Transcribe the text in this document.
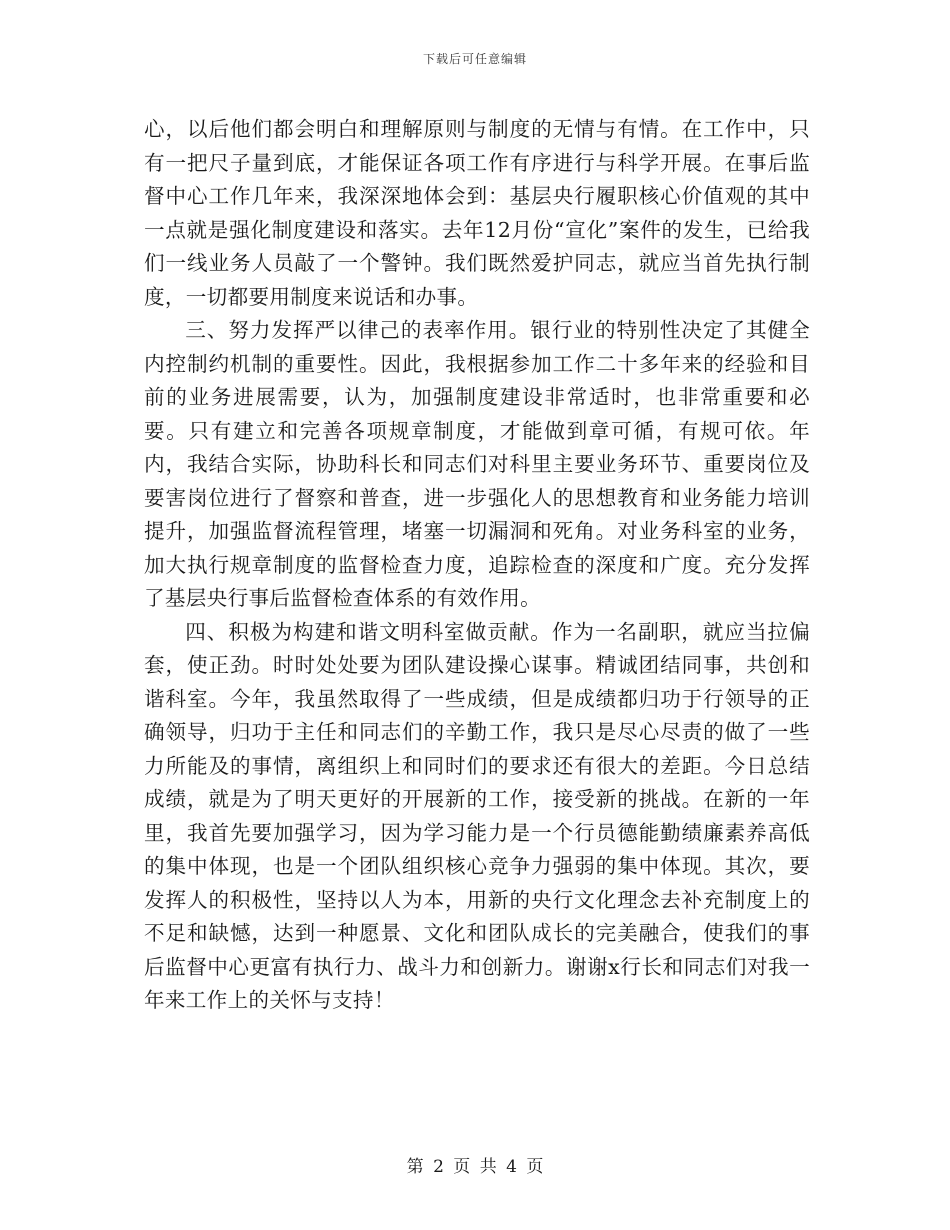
下载后可任意编辑

心，以后他们都会明白和理解原则与制度的无情与有情。在工作中，只有一把尺子量到底，才能保证各项工作有序进行与科学开展。在事后监督中心工作几年来，我深深地体会到：基层央行履职核心价值观的其中一点就是强化制度建设和落实。去年12月份“宣化”案件的发生，已给我们一线业务人员敲了一个警钟。我们既然爱护同志，就应当首先执行制度，一切都要用制度来说话和办事。

三、努力发挥严以律己的表率作用。银行业的特别性决定了其健全内控制约机制的重要性。因此，我根据参加工作二十多年来的经验和目前的业务进展需要，认为，加强制度建设非常适时，也非常重要和必要。只有建立和完善各项规章制度，才能做到章可循，有规可依。年内，我结合实际，协助科长和同志们对科里主要业务环节、重要岗位及要害岗位进行了督察和普查，进一步强化人的思想教育和业务能力培训提升，加强监督流程管理，堵塞一切漏洞和死角。对业务科室的业务，加大执行规章制度的监督检查力度，追踪检查的深度和广度。充分发挥了基层央行事后监督检查体系的有效作用。

四、积极为构建和谐文明科室做贡献。作为一名副职，就应当拉偏套，使正劲。时时处处要为团队建设操心谋事。精诚团结同事，共创和谐科室。今年，我虽然取得了一些成绩，但是成绩都归功于行领导的正确领导，归功于主任和同志们的辛勤工作，我只是尽心尽责的做了一些力所能及的事情，离组织上和同时们的要求还有很大的差距。今日总结成绩，就是为了明天更好的开展新的工作，接受新的挑战。在新的一年里，我首先要加强学习，因为学习能力是一个行员德能勤绩廉素养高低的集中体现，也是一个团队组织核心竞争力强弱的集中体现。其次，要发挥人的积极性，坚持以人为本，用新的央行文化理念去补充制度上的不足和缺憾，达到一种愿景、文化和团队成长的完美融合，使我们的事后监督中心更富有执行力、战斗力和创新力。谢谢x行长和同志们对我一年来工作上的关怀与支持！

第 2 页 共 4 页
